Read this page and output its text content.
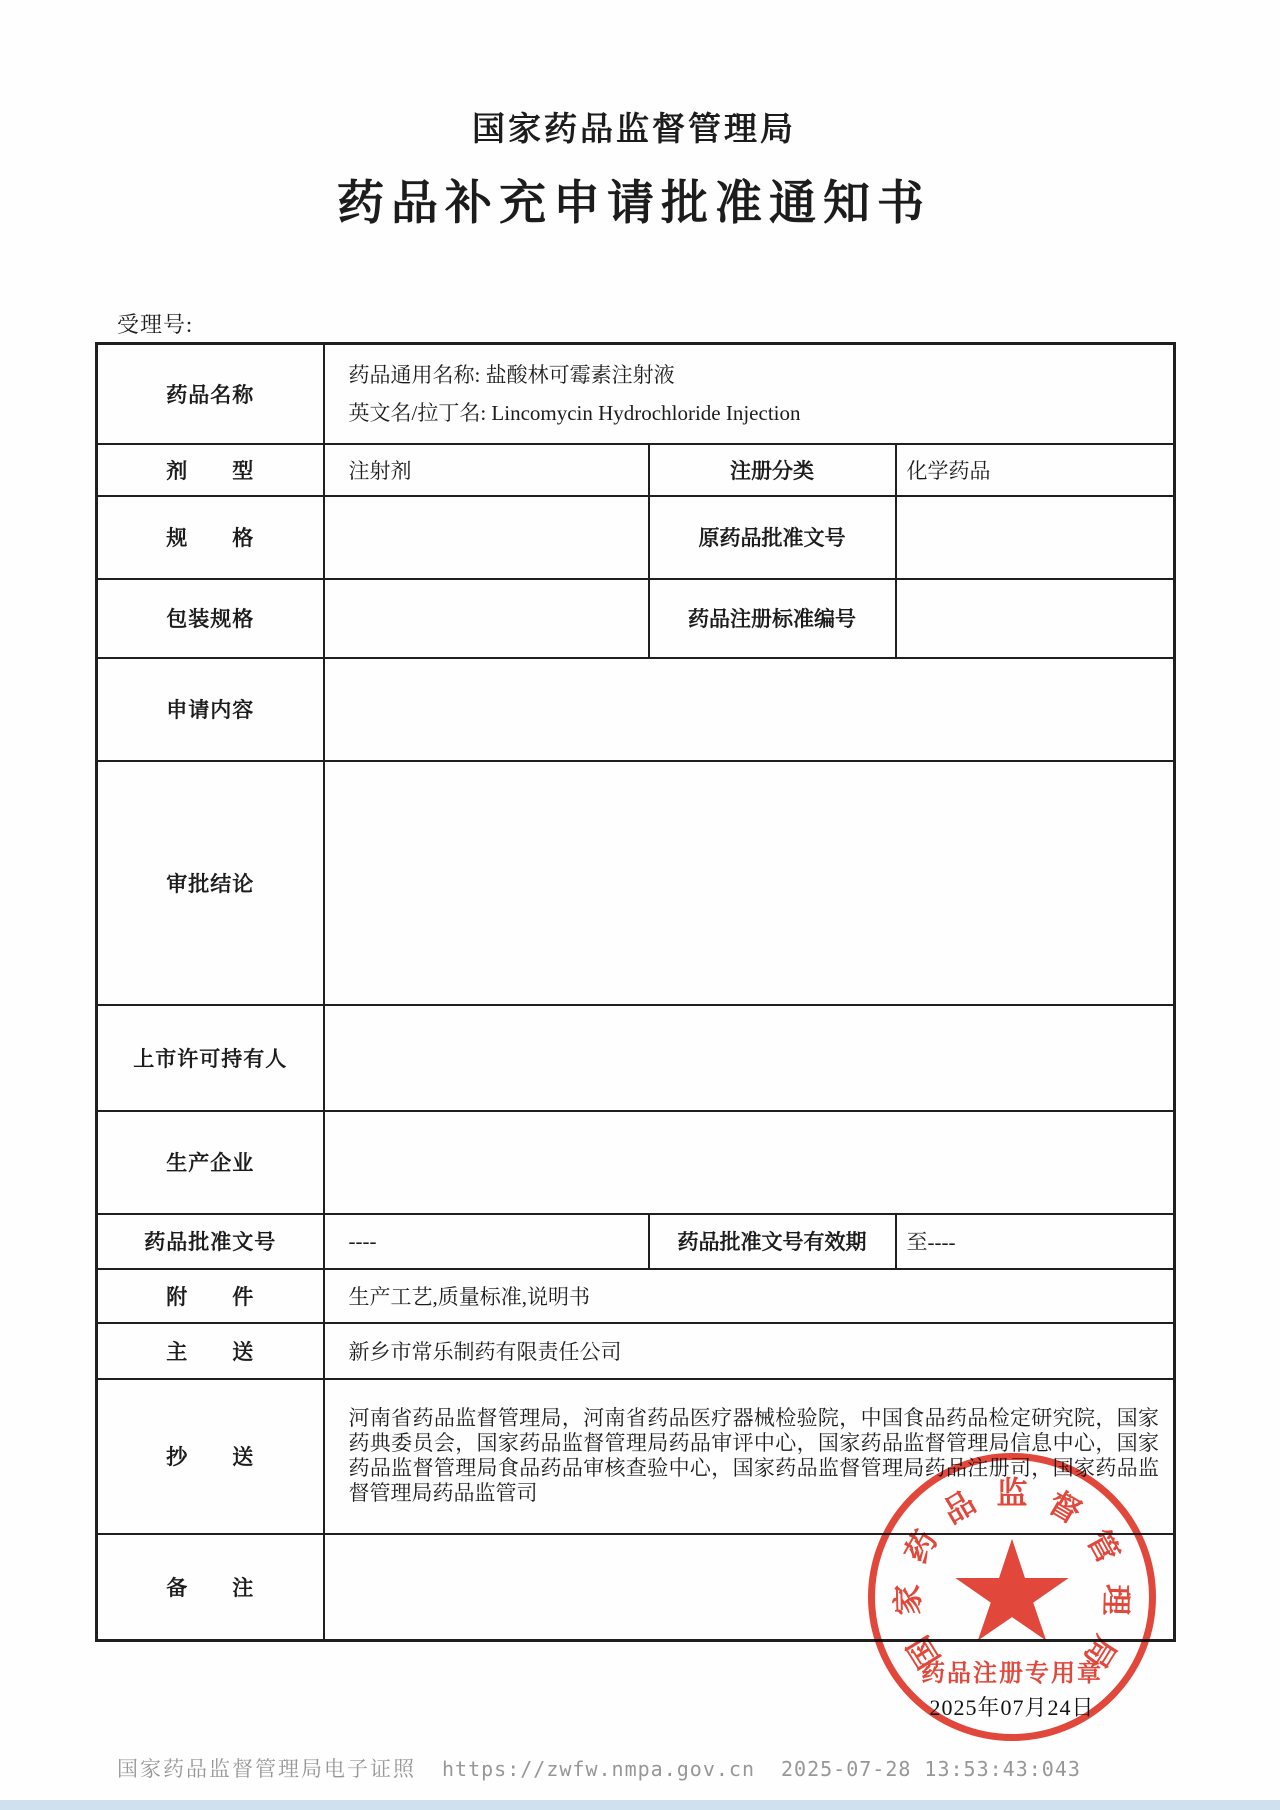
国家药品监督管理局
药品补充申请批准通知书
受理号:
药品名称	药品通用名称: 盐酸林可霉素注射液
英文名/拉丁名: Lincomycin Hydrochloride Injection		

剂　　型	注射剂	注册分类	化学药品
规　　格		原药品批准文号	
包装规格		药品注册标准编号	
申请内容			
审批结论			
上市许可持有人			
生产企业			
药品批准文号	----	药品批准文号有效期	至----
附　　件	生产工艺,质量标准,说明书		
主　　送	新乡市常乐制药有限责任公司		
抄　　送	河南省药品监督管理局，河南省药品医疗器械检验院，中国食品药品检定研究院，国家药典委员会，国家药品监督管理局药品审评中心，国家药品监督管理局信息中心，国家药品监督管理局食品药品审核查验中心，国家药品监督管理局药品注册司，国家药品监督管理局药品监管司		

备　　注			
国
家
药
品 监 督
管
理
局
药品注册专用章
2025年07月24日
国家药品监督管理局电子证照 https://zwfw.nmpa.gov.cn 2025-07-28 13:53:43:043
